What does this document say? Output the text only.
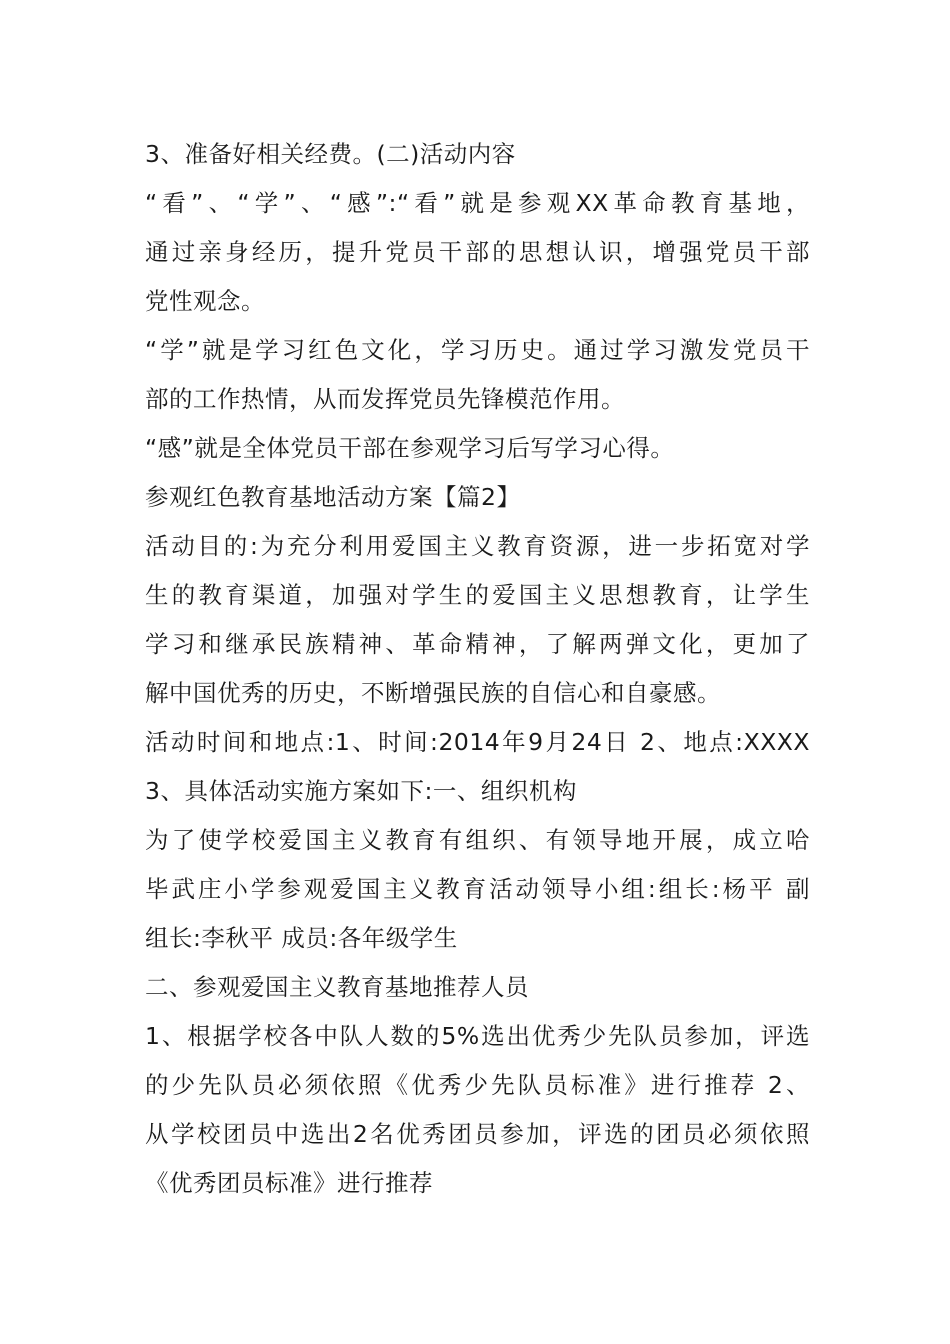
3、准备好相关经费。(二)活动内容
“看”、“学”、“感”:“看”就是参观XX革命教育基地，
通过亲身经历，提升党员干部的思想认识，增强党员干部
党性观念。
“学”就是学习红色文化，学习历史。通过学习激发党员干
部的工作热情，从而发挥党员先锋模范作用。
“感”就是全体党员干部在参观学习后写学习心得。
参观红色教育基地活动方案【篇2】
活动目的:为充分利用爱国主义教育资源，进一步拓宽对学
生的教育渠道，加强对学生的爱国主义思想教育，让学生
学习和继承民族精神、革命精神，了解两弹文化，更加了
解中国优秀的历史，不断增强民族的自信心和自豪感。
活动时间和地点:1、时间:2014年9月24日 2、地点:XXXX
3、具体活动实施方案如下:一、组织机构
为了使学校爱国主义教育有组织、有领导地开展，成立哈
毕武庄小学参观爱国主义教育活动领导小组:组长:杨平 副
组长:李秋平 成员:各年级学生
二、参观爱国主义教育基地推荐人员
1、根据学校各中队人数的5%选出优秀少先队员参加，评选
的少先队员必须依照《优秀少先队员标准》进行推荐 2、
从学校团员中选出2名优秀团员参加，评选的团员必须依照
《优秀团员标准》进行推荐
